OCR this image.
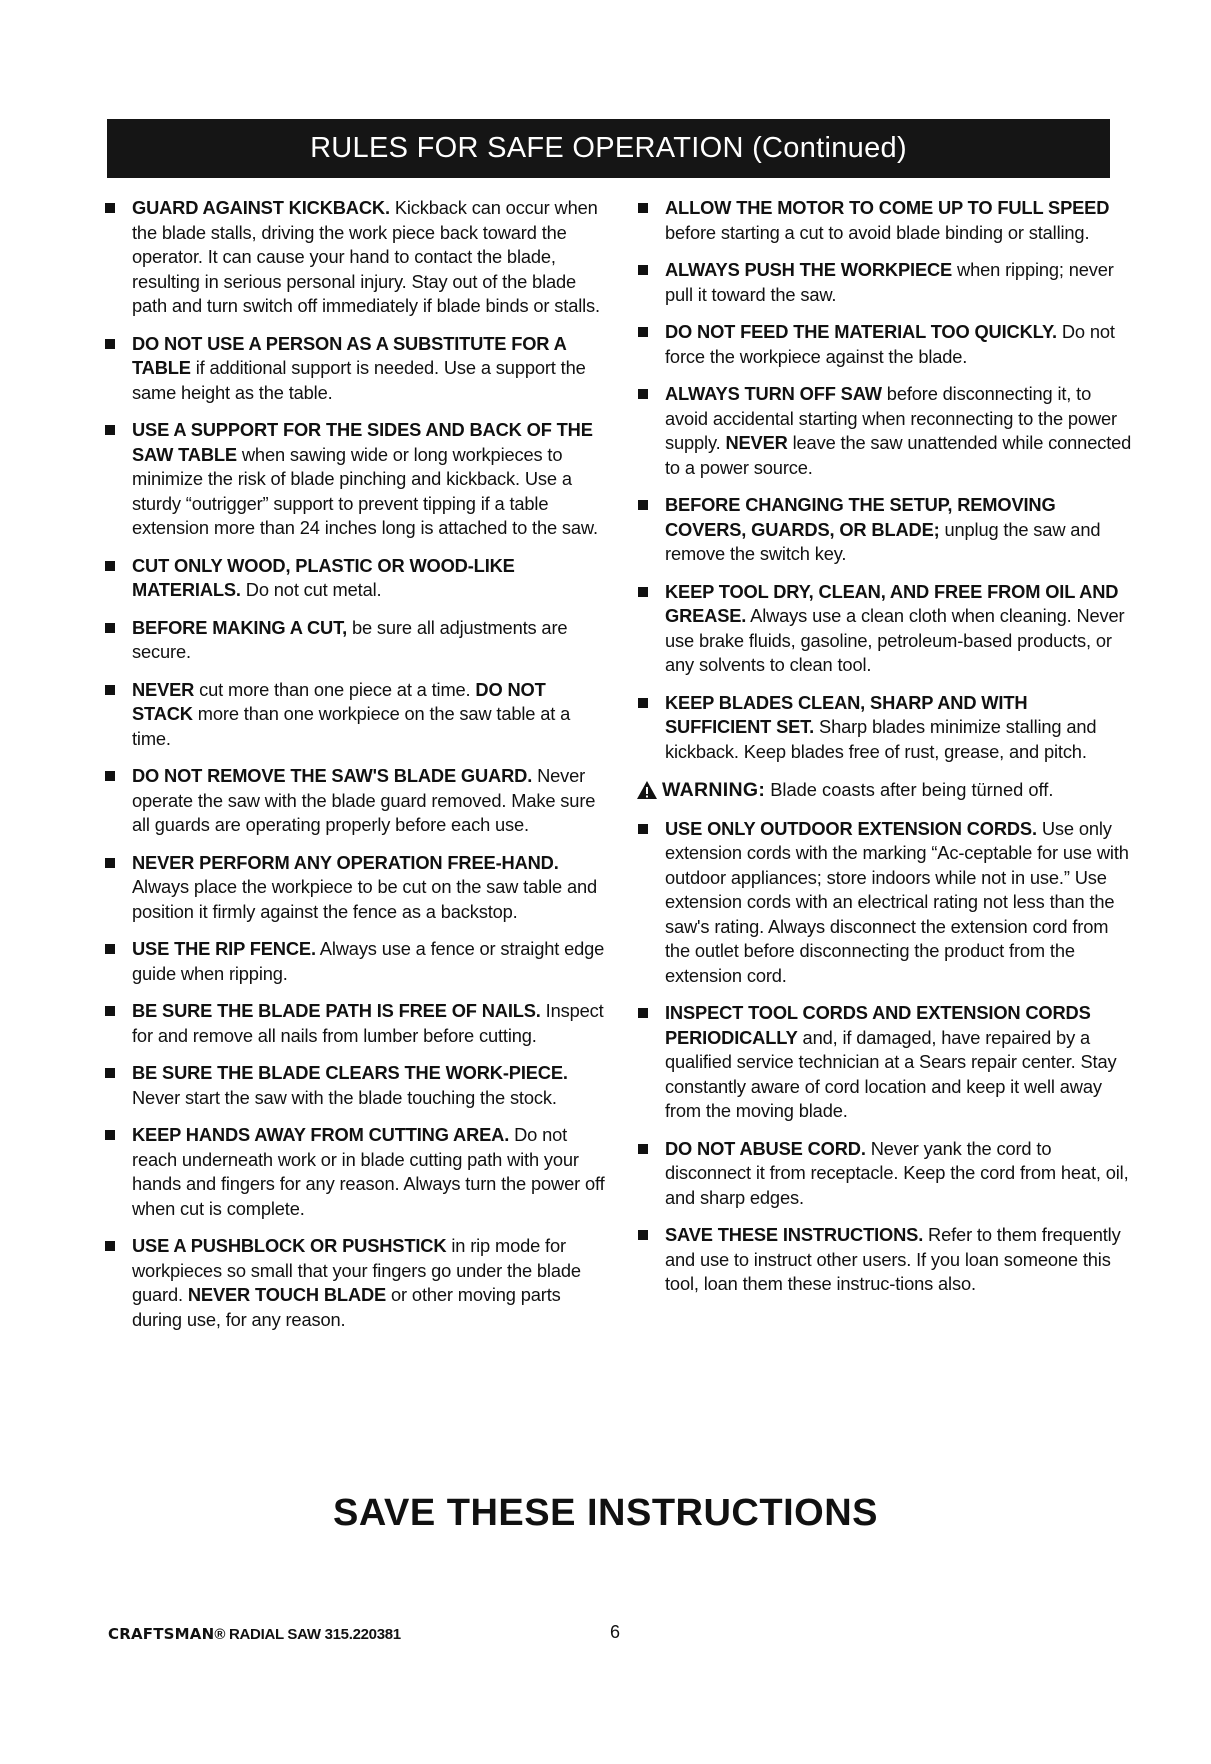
RULES FOR SAFE OPERATION (Continued)
GUARD AGAINST KICKBACK. Kickback can occur when the blade stalls, driving the work piece back toward the operator. It can cause your hand to contact the blade, resulting in serious personal injury. Stay out of the blade path and turn switch off immediately if blade binds or stalls.
DO NOT USE A PERSON AS A SUBSTITUTE FOR A TABLE if additional support is needed. Use a support the same height as the table.
USE A SUPPORT FOR THE SIDES AND BACK OF THE SAW TABLE when sawing wide or long workpieces to minimize the risk of blade pinching and kickback. Use a sturdy “outrigger” support to prevent tipping if a table extension more than 24 inches long is attached to the saw.
CUT ONLY WOOD, PLASTIC OR WOOD-LIKE MATERIALS. Do not cut metal.
BEFORE MAKING A CUT, be sure all adjustments are secure.
NEVER cut more than one piece at a time. DO NOT STACK more than one workpiece on the saw table at a time.
DO NOT REMOVE THE SAW'S BLADE GUARD. Never operate the saw with the blade guard removed. Make sure all guards are operating properly before each use.
NEVER PERFORM ANY OPERATION FREE-HAND. Always place the workpiece to be cut on the saw table and position it firmly against the fence as a backstop.
USE THE RIP FENCE. Always use a fence or straight edge guide when ripping.
BE SURE THE BLADE PATH IS FREE OF NAILS. Inspect for and remove all nails from lumber before cutting.
BE SURE THE BLADE CLEARS THE WORK-PIECE. Never start the saw with the blade touching the stock.
KEEP HANDS AWAY FROM CUTTING AREA. Do not reach underneath work or in blade cutting path with your hands and fingers for any reason. Always turn the power off when cut is complete.
USE A PUSHBLOCK OR PUSHSTICK in rip mode for workpieces so small that your fingers go under the blade guard. NEVER TOUCH BLADE or other moving parts during use, for any reason.
ALLOW THE MOTOR TO COME UP TO FULL SPEED before starting a cut to avoid blade binding or stalling.
ALWAYS PUSH THE WORKPIECE when ripping; never pull it toward the saw.
DO NOT FEED THE MATERIAL TOO QUICKLY. Do not force the workpiece against the blade.
ALWAYS TURN OFF SAW before disconnecting it, to avoid accidental starting when reconnecting to the power supply. NEVER leave the saw unattended while connected to a power source.
BEFORE CHANGING THE SETUP, REMOVING COVERS, GUARDS, OR BLADE; unplug the saw and remove the switch key.
KEEP TOOL DRY, CLEAN, AND FREE FROM OIL AND GREASE. Always use a clean cloth when cleaning. Never use brake fluids, gasoline, petroleum-based products, or any solvents to clean tool.
KEEP BLADES CLEAN, SHARP AND WITH SUFFICIENT SET. Sharp blades minimize stalling and kickback. Keep blades free of rust, grease, and pitch.
WARNING: Blade coasts after being türned off.
USE ONLY OUTDOOR EXTENSION CORDS. Use only extension cords with the marking “Ac-ceptable for use with outdoor appliances; store indoors while not in use.” Use extension cords with an electrical rating not less than the saw's rating. Always disconnect the extension cord from the outlet before disconnecting the product from the extension cord.
INSPECT TOOL CORDS AND EXTENSION CORDS PERIODICALLY and, if damaged, have repaired by a qualified service technician at a Sears repair center. Stay constantly aware of cord location and keep it well away from the moving blade.
DO NOT ABUSE CORD. Never yank the cord to disconnect it from receptacle. Keep the cord from heat, oil, and sharp edges.
SAVE THESE INSTRUCTIONS. Refer to them frequently and use to instruct other users. If you loan someone this tool, loan them these instruc-tions also.
SAVE THESE INSTRUCTIONS
CRAFTSMAN® RADIAL SAW 315.220381	6
